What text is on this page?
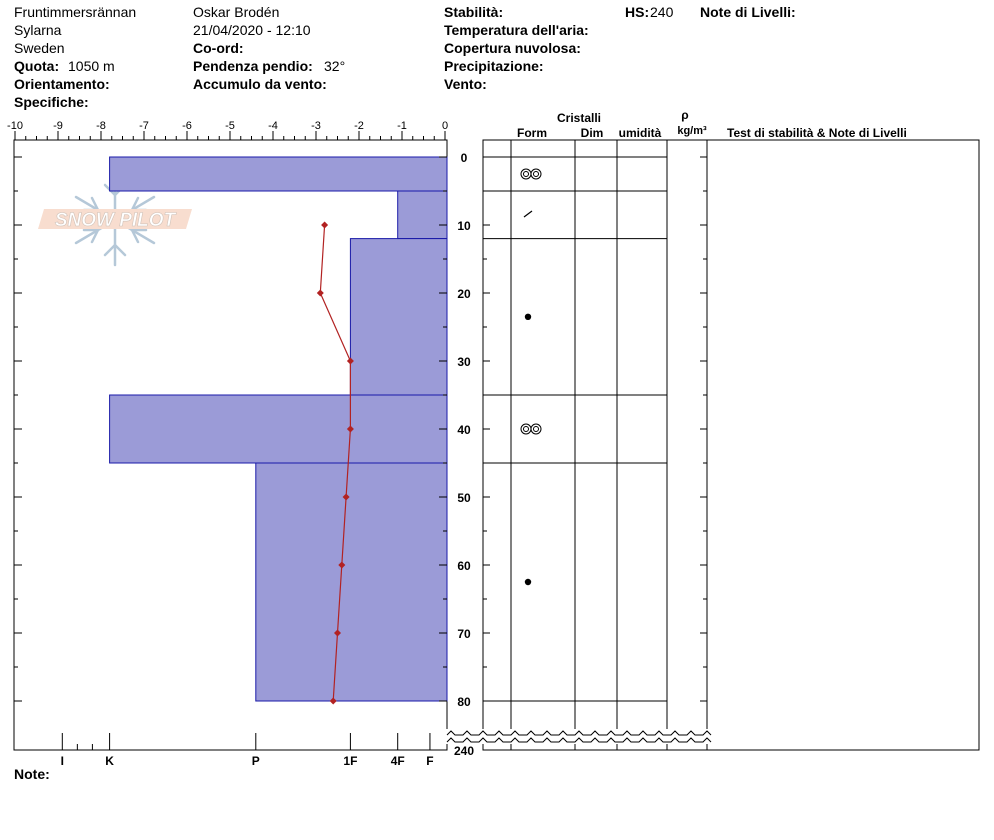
Fruntimmersrännan
Sylarna
Sweden
Quota: 1050 m
Orientamento:
Specifiche:
Oskar Brodén
21/04/2020 - 12:10
Co-ord:
Pendenza pendio: 32°
Accumulo da vento:
Stabilità:
Temperatura dell'aria:
Copertura nuvolosa:
Precipitazione:
Vento:
HS: 240 Note di Livelli:
Note:
SNOW PILOT
-10	-9	-8	-7	-6	-5	-4	-3	-2	-1	0
I	K	P	1F	4F F
0
10
20
30
40
50
60
70
80
240
Cristalli
Form	Dim umidità
ρ
kg/m³ Test di stabilità & Note di Livelli
